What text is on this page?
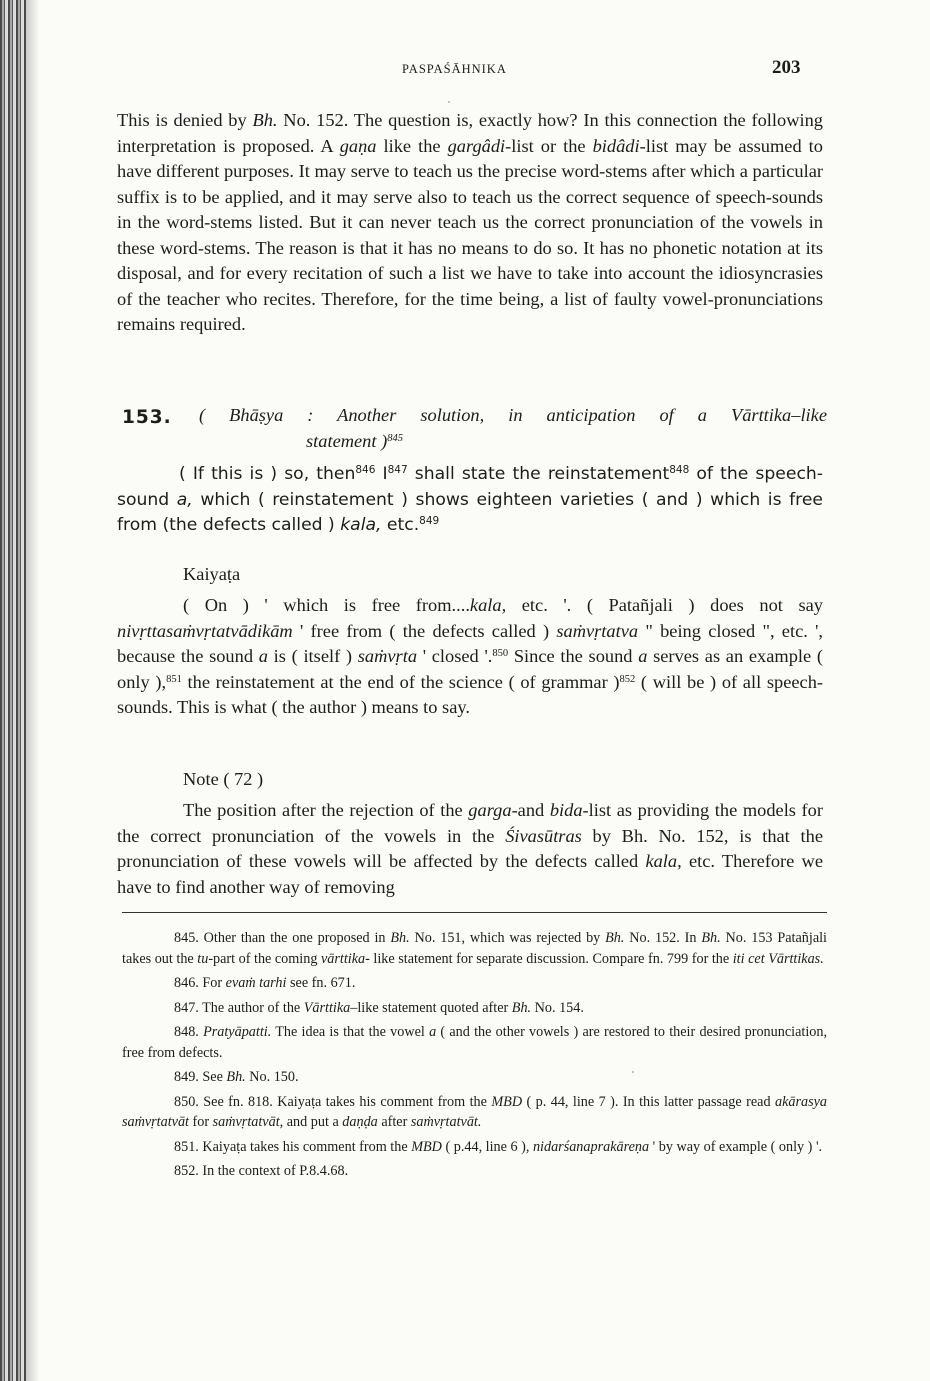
PASPAŚĀHNIKA	203

This is denied by Bh. No. 152. The question is, exactly how? In this connection the following interpretation is proposed. A gaṇa like the gargâdi-list or the bidâdi-list may be assumed to have different purposes. It may serve to teach us the precise word-stems after which a particular suffix is to be applied, and it may serve also to teach us the correct sequence of speech-sounds in the word-stems listed. But it can never teach us the correct pronunciation of the vowels in these word-stems. The reason is that it has no means to do so. It has no phonetic notation at its disposal, and for every recitation of such a list we have to take into account the idiosyncrasies of the teacher who recites. Therefore, for the time being, a list of faulty vowel-pronunciations remains required.

153. ( Bhāṣya : Another solution, in anticipation of a Vārttika–like
statement )$^{845}$

( If this is ) so, then$^{846}$ $I^{847}$ shall state the reinstatement$^{848}$ of the speech-sound a, which ( reinstatement ) shows eighteen varieties ( and ) which is free from (the defects called ) kala, etc.$^{849}$

Kaiyaṭa

( On ) ' which is free from....kala, etc. '. ( Patañjali ) does not say nivṛttasaṁvṛtatvādikām ' free from ( the defects called ) saṁvṛtatva " being closed ", etc. ', because the sound a is ( itself ) saṁvṛta ' closed '.$^{850}$ Since the sound a serves as an example ( only ),$^{851}$ the reinstatement at the end of the science ( of grammar )$^{852}$ ( will be ) of all speech-sounds. This is what ( the author ) means to say.

Note ( 72 )

The position after the rejection of the garga-and bida-list as providing the models for the correct pronunciation of the vowels in the Śivasūtras by Bh. No. 152, is that the pronunciation of these vowels will be affected by the defects called kala, etc. Therefore we have to find another way of removing

845. Other than the one proposed in Bh. No. 151, which was rejected by Bh. No. 152. In Bh. No. 153 Patañjali takes out the tu-part of the coming vārttika- like statement for separate discussion. Compare fn. 799 for the iti cet Vārttikas.

846. For evaṁ tarhi see fn. 671.

847. The author of the Vārttika–like statement quoted after Bh. No. 154.

848. Pratyāpatti. The idea is that the vowel a ( and the other vowels ) are restored to their desired pronunciation, free from defects.

849. See Bh. No. 150.

850. See fn. 818. Kaiyaṭa takes his comment from the MBD ( p. 44, line 7 ). In this latter passage read akārasya saṁvṛtatvāt for saṁvṛtatvāt, and put a daṇḍa after saṁvṛtatvāt.

851. Kaiyaṭa takes his comment from the MBD ( p.44, line 6 ), nidarśanaprakāreṇa ' by way of example ( only ) '.

852. In the context of P.8.4.68.
